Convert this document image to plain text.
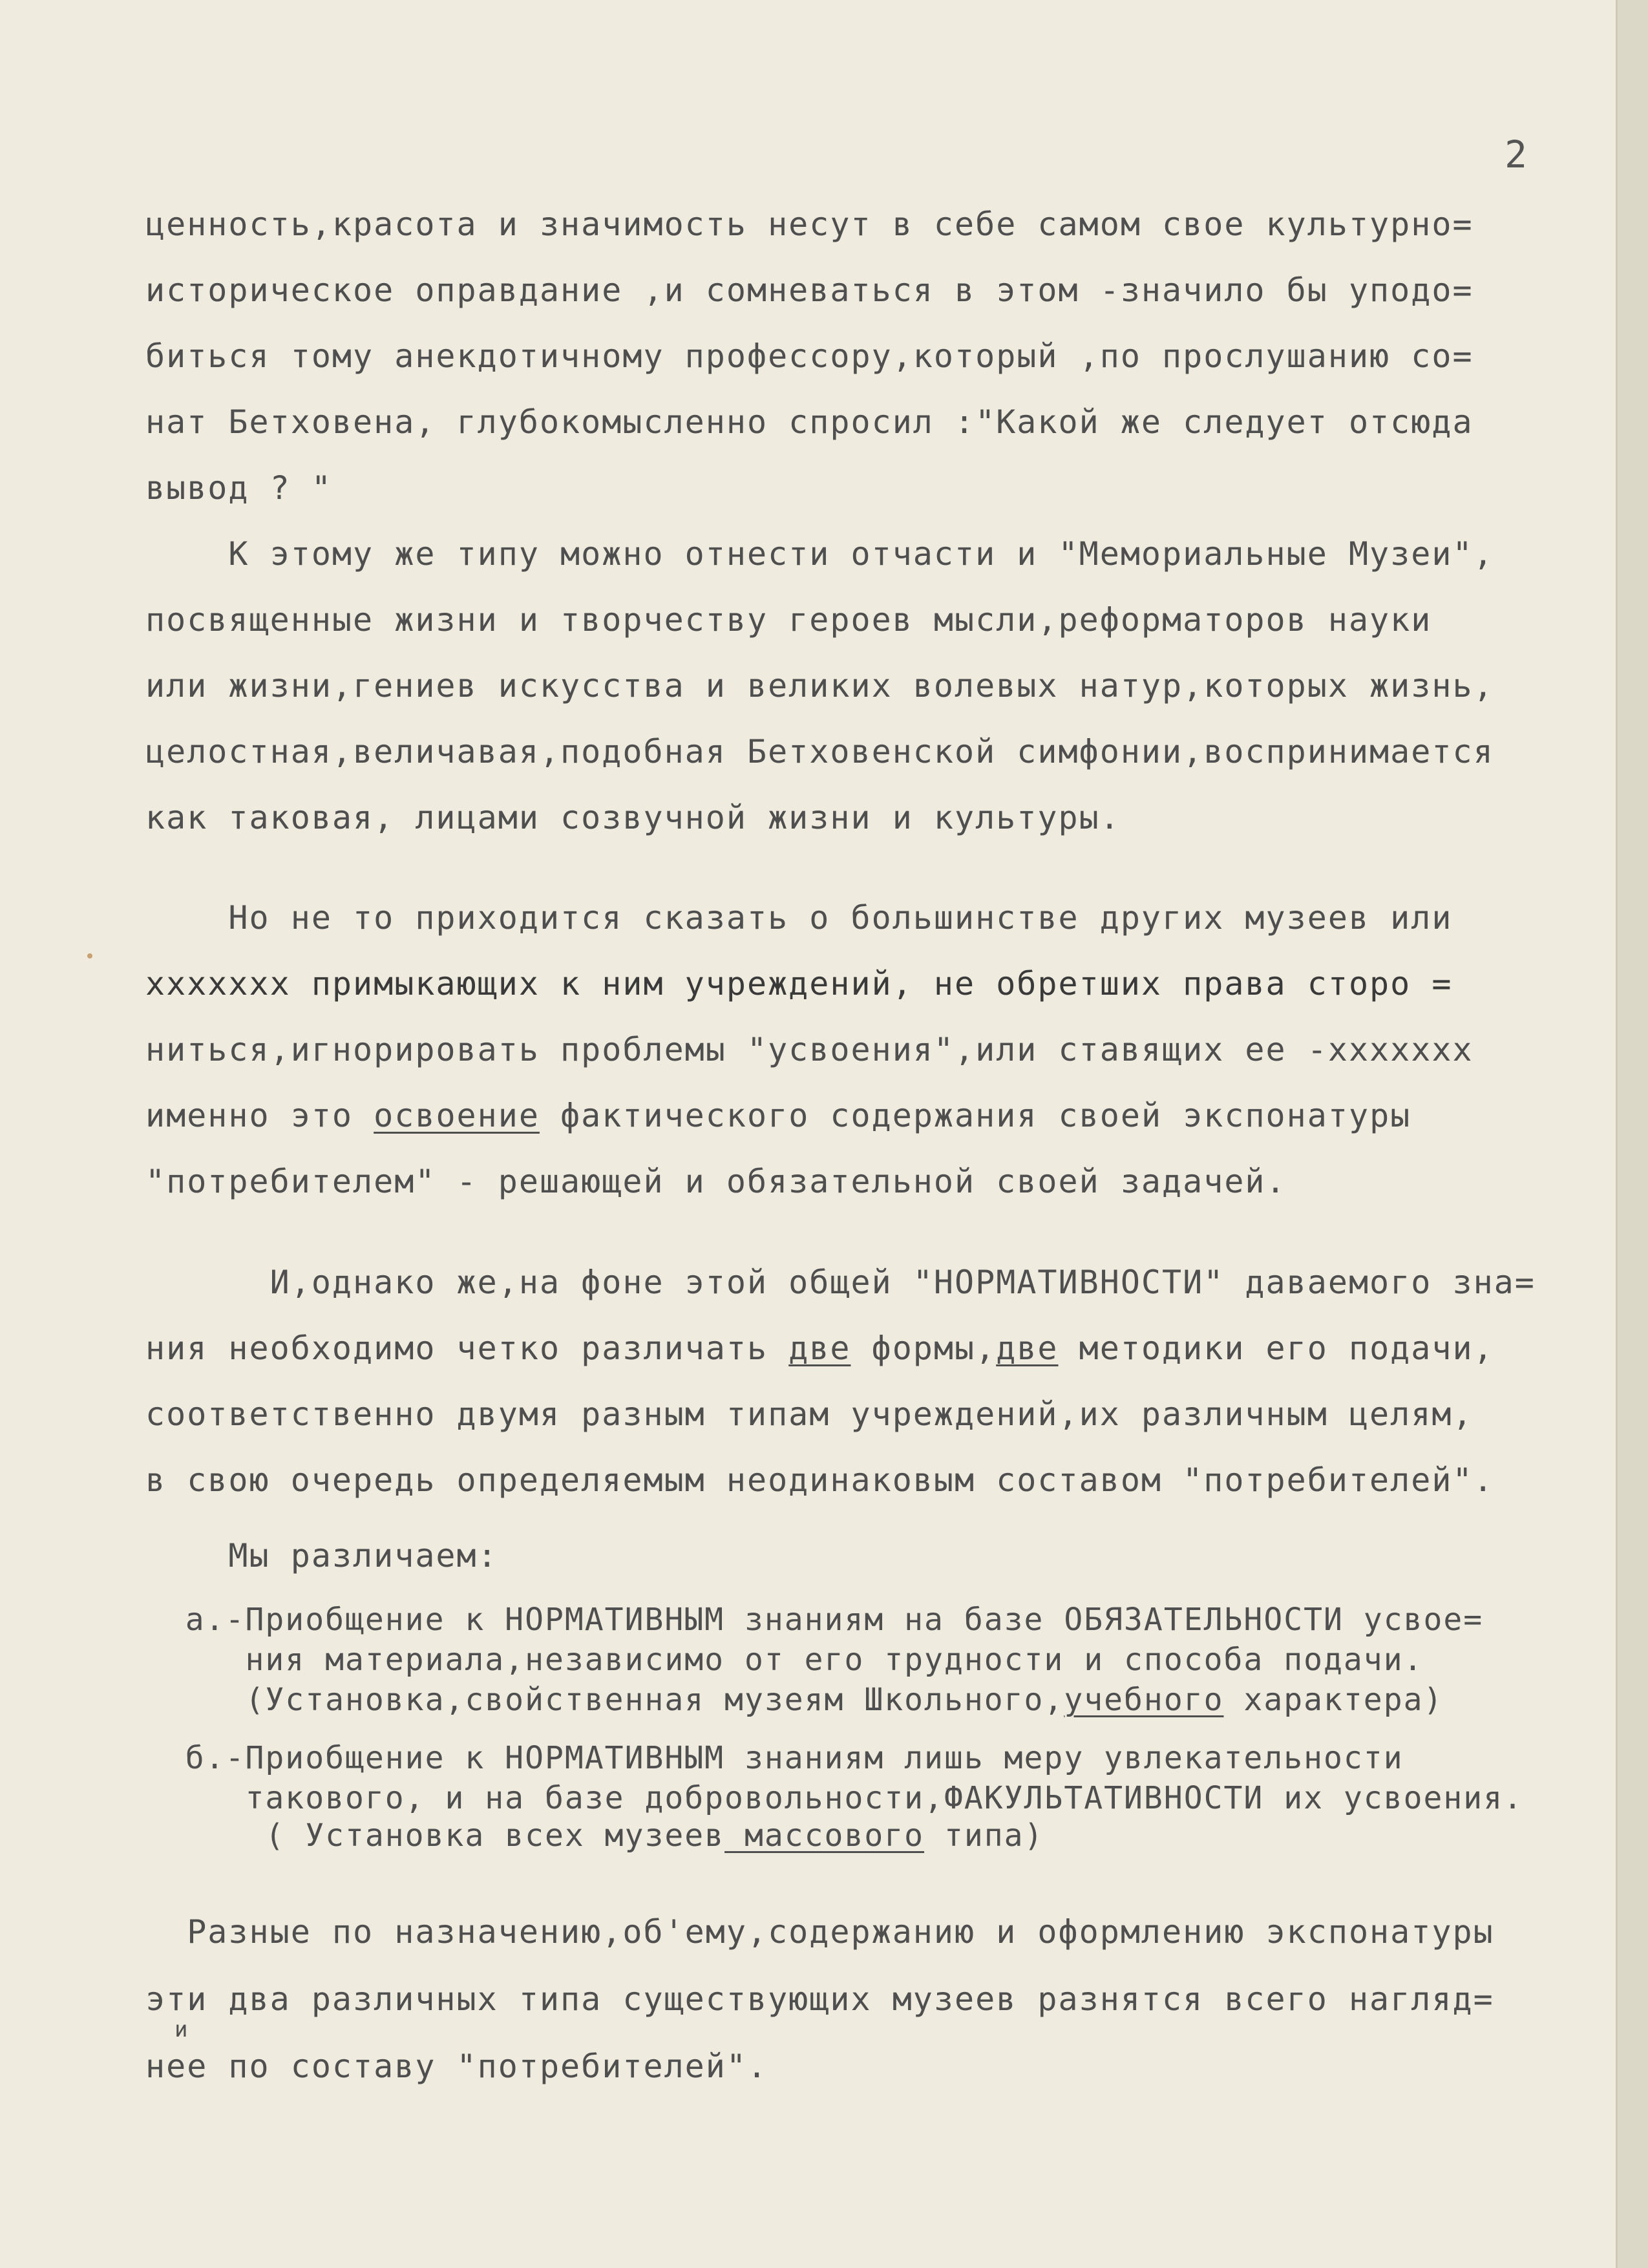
2
ценность,красота и значимость несут в себе самом свое культурно=
историческое оправдание ,и сомневаться в этом -значило бы уподо=
биться тому анекдотичному профессору,который ,по прослушанию со=
нат Бетховена, глубокомысленно спросил :"Какой же следует отсюда
вывод ? "
К этому же типу можно отнести отчасти и "Мемориальные Музеи",
посвященные жизни и творчеству героев мысли,реформаторов науки
или жизни,гениев искусства и великих волевых натур,которых жизнь,
целостная,величавая,подобная Бетховенской симфонии,воспринимается
как таковая, лицами созвучной жизни и культуры.
Но не то приходится сказать о большинстве других музеев или
xxxxxxx примыкающих к ним учреждений, не обретших права сторо =
ниться,игнорировать проблемы "усвоения",или ставящих ее -xxxxxxx
именно это освоение фактического содержания своей экспонатуры
"потребителем" - решающей и обязательной своей задачей.
И,однако же,на фоне этой общей "НОРМАТИВНОСТИ" даваемого зна=
ния необходимо четко различать две формы,две методики его подачи,
соответственно двумя разным типам учреждений,их различным целям,
в свою очередь определяемым неодинаковым составом "потребителей".
Мы различаем:
а.-Приобщение к НОРМАТИВНЫМ знаниям на базе ОБЯЗАТЕЛЬНОСТИ усвое=
ния материала,независимо от его трудности и способа подачи.
(Установка,свойственная музеям Школьного,учебного характера)
б.-Приобщение к НОРМАТИВНЫМ знаниям лишь меру увлекательности
такового, и на базе добровольности,ФАКУЛЬТАТИВНОСТИ их усвоения.
( Установка всех музеев массового типа)
Разные по назначению,об'ему,содержанию и оформлению экспонатуры
эти два различных типа существующих музеев разнятся всего нагляд=
и
нее по составу "потребителей".
